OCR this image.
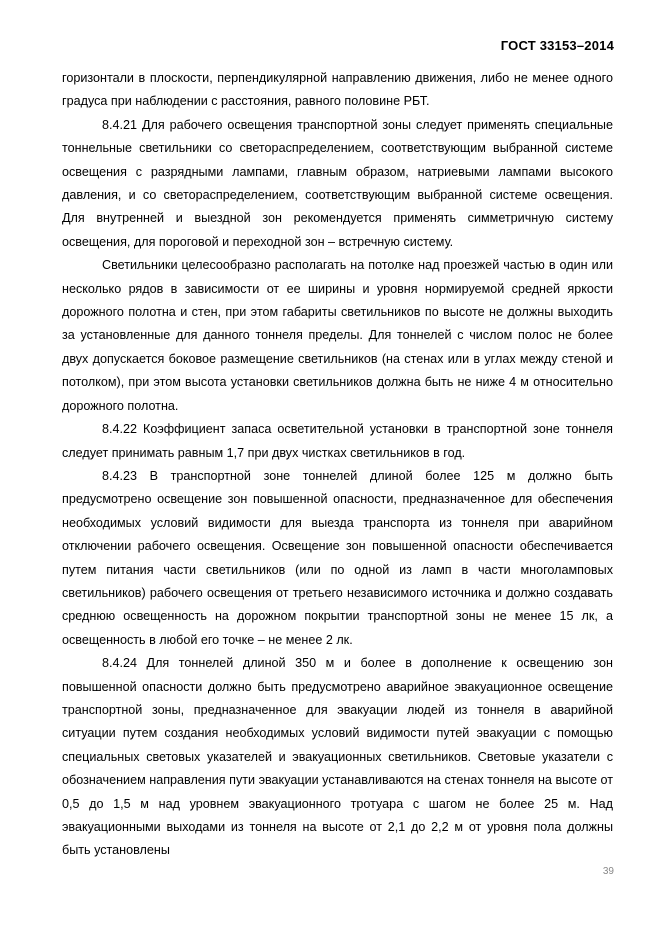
ГОСТ 33153–2014

горизонтали в плоскости, перпендикулярной направлению движения, либо не менее одного градуса при наблюдении с расстояния, равного половине РБТ.

8.4.21 Для рабочего освещения транспортной зоны следует применять специальные тоннельные светильники со светораспределением, соответствующим выбранной системе освещения с разрядными лампами, главным образом, натриевыми лампами высокого давления, и со светораспределением, соответствующим выбранной системе освещения. Для внутренней и выездной зон рекомендуется применять симметричную систему освещения, для пороговой и переходной зон – встречную систему.

Светильники целесообразно располагать на потолке над проезжей частью в один или несколько рядов в зависимости от ее ширины и уровня нормируемой средней яркости дорожного полотна и стен, при этом габариты светильников по высоте не должны выходить за установленные для данного тоннеля пределы. Для тоннелей с числом полос не более двух допускается боковое размещение светильников (на стенах или в углах между стеной и потолком), при этом высота установки светильников должна быть не ниже 4 м относительно дорожного полотна.

8.4.22 Коэффициент запаса осветительной установки в транспортной зоне тоннеля следует принимать равным 1,7 при двух чистках светильников в год.

8.4.23 В транспортной зоне тоннелей длиной более 125 м должно быть предусмотрено освещение зон повышенной опасности, предназначенное для обеспечения необходимых условий видимости для выезда транспорта из тоннеля при аварийном отключении рабочего освещения. Освещение зон повышенной опасности обеспечивается путем питания части светильников (или по одной из ламп в части многоламповых светильников) рабочего освещения от третьего независимого источника и должно создавать среднюю освещенность на дорожном покрытии транспортной зоны не менее 15 лк, а освещенность в любой его точке – не менее 2 лк.

8.4.24 Для тоннелей длиной 350 м и более в дополнение к освещению зон повышенной опасности должно быть предусмотрено аварийное эвакуационное освещение транспортной зоны, предназначенное для эвакуации людей из тоннеля в аварийной ситуации путем создания необходимых условий видимости путей эвакуации с помощью специальных световых указателей и эвакуационных светильников. Световые указатели с обозначением направления пути эвакуации устанавливаются на стенах тоннеля на высоте от 0,5 до 1,5 м над уровнем эвакуационного тротуара с шагом не более 25 м. Над эвакуационными выходами из тоннеля на высоте от 2,1 до 2,2 м от уровня пола должны быть установлены

39
